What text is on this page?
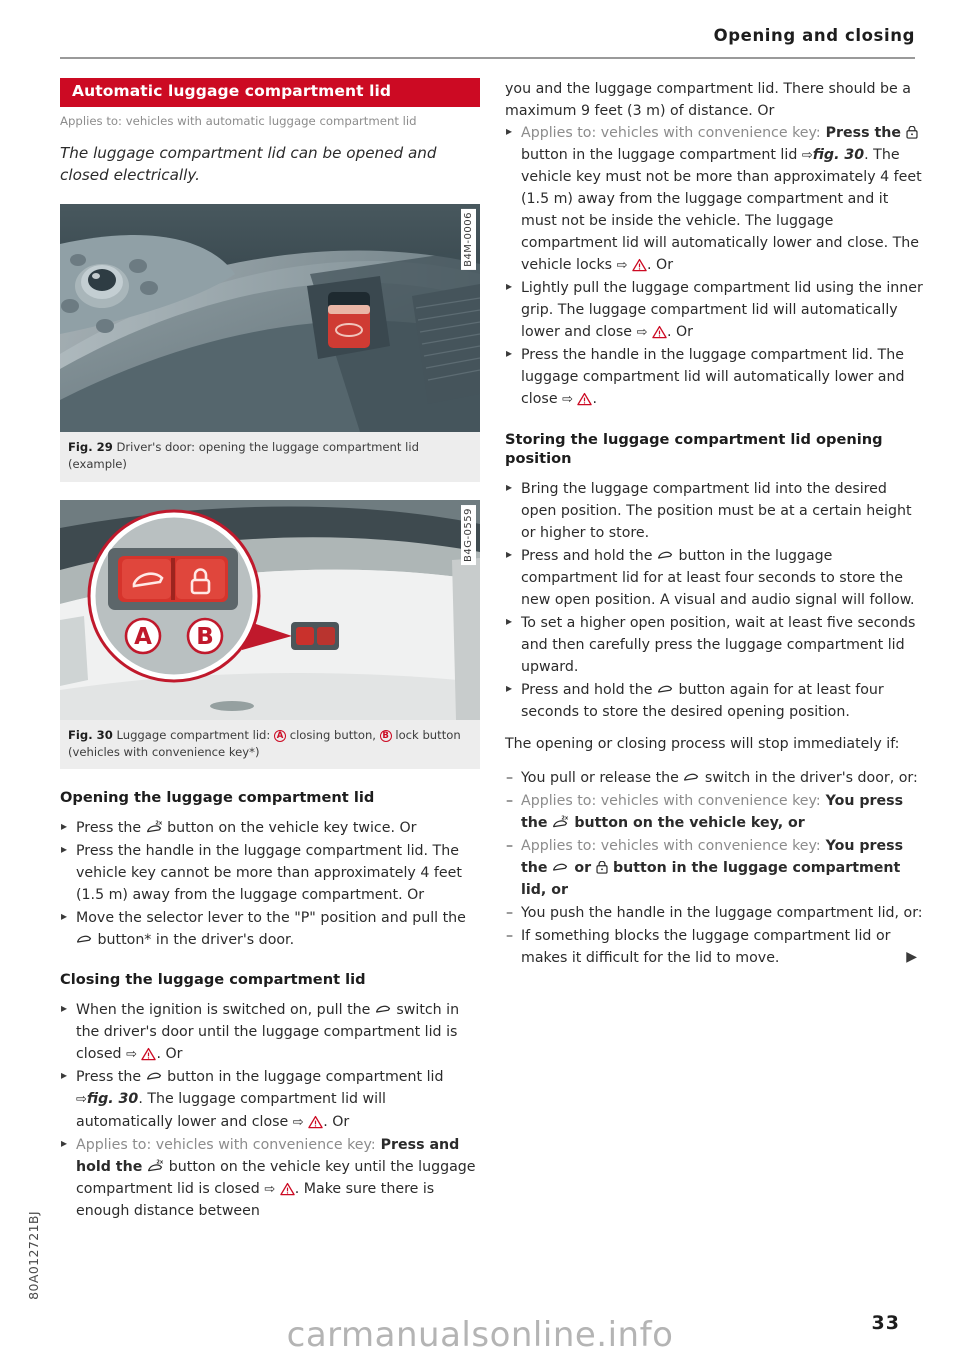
Opening and closing
Automatic luggage compartment lid
Applies to: vehicles with automatic luggage compartment lid
The luggage compartment lid can be opened and closed electrically.
B4M-0006
Fig. 29 Driver's door: opening the luggage compartment lid (example)
A B
B4G-0559
Fig. 30 Luggage compartment lid: A closing button, B lock button (vehicles with convenience key*)
Opening the luggage compartment lid
▸ Press the 2x button on the vehicle key twice. Or
▸ Press the handle in the luggage compartment lid. The vehicle key cannot be more than approximately 4 feet (1.5 m) away from the luggage compartment. Or
▸ Move the selector lever to the "P" position and pull the  button* in the driver's door.
Closing the luggage compartment lid
▸ When the ignition is switched on, pull the  switch in the driver's door until the luggage compartment lid is closed ⇨ . Or
▸ Press the  button in the luggage compartment lid ⇨fig. 30. The luggage compartment lid will automatically lower and close ⇨ . Or
▸ Applies to: vehicles with convenience key: Press and hold the 2x button on the vehicle key until the luggage compartment lid is closed ⇨ . Make sure there is enough distance between
you and the luggage compartment lid. There should be a maximum 9 feet (3 m) of distance. Or
▸ Applies to: vehicles with convenience key: Press the  button in the luggage compartment lid ⇨fig. 30. The vehicle key must not be more than approximately 4 feet (1.5 m) away from the luggage compartment and it must not be inside the vehicle. The luggage compartment lid will automatically lower and close. The vehicle locks ⇨ . Or
▸ Lightly pull the luggage compartment lid using the inner grip. The luggage compartment lid will automatically lower and close ⇨ . Or
▸ Press the handle in the luggage compartment lid. The luggage compartment lid will automatically lower and close ⇨ .
Storing the luggage compartment lid opening position
▸ Bring the luggage compartment lid into the desired open position. The position must be at a certain height or higher to store.
▸ Press and hold the  button in the luggage compartment lid for at least four seconds to store the new open position. A visual and audio signal will follow.
▸ To set a higher open position, wait at least five seconds and then carefully press the luggage compartment lid upward.
▸ Press and hold the  button again for at least four seconds to store the desired opening position.
The opening or closing process will stop immediately if:
– You pull or release the  switch in the driver's door, or:
– Applies to: vehicles with convenience key: You press the 2x button on the vehicle key, or
– Applies to: vehicles with convenience key: You press the  or  button in the luggage compartment lid, or
– You push the handle in the luggage compartment lid, or:
– If something blocks the luggage compartment lid or makes it difficult for the lid to move.	▶
80A012721BJ
33
carmanualsonline.info
